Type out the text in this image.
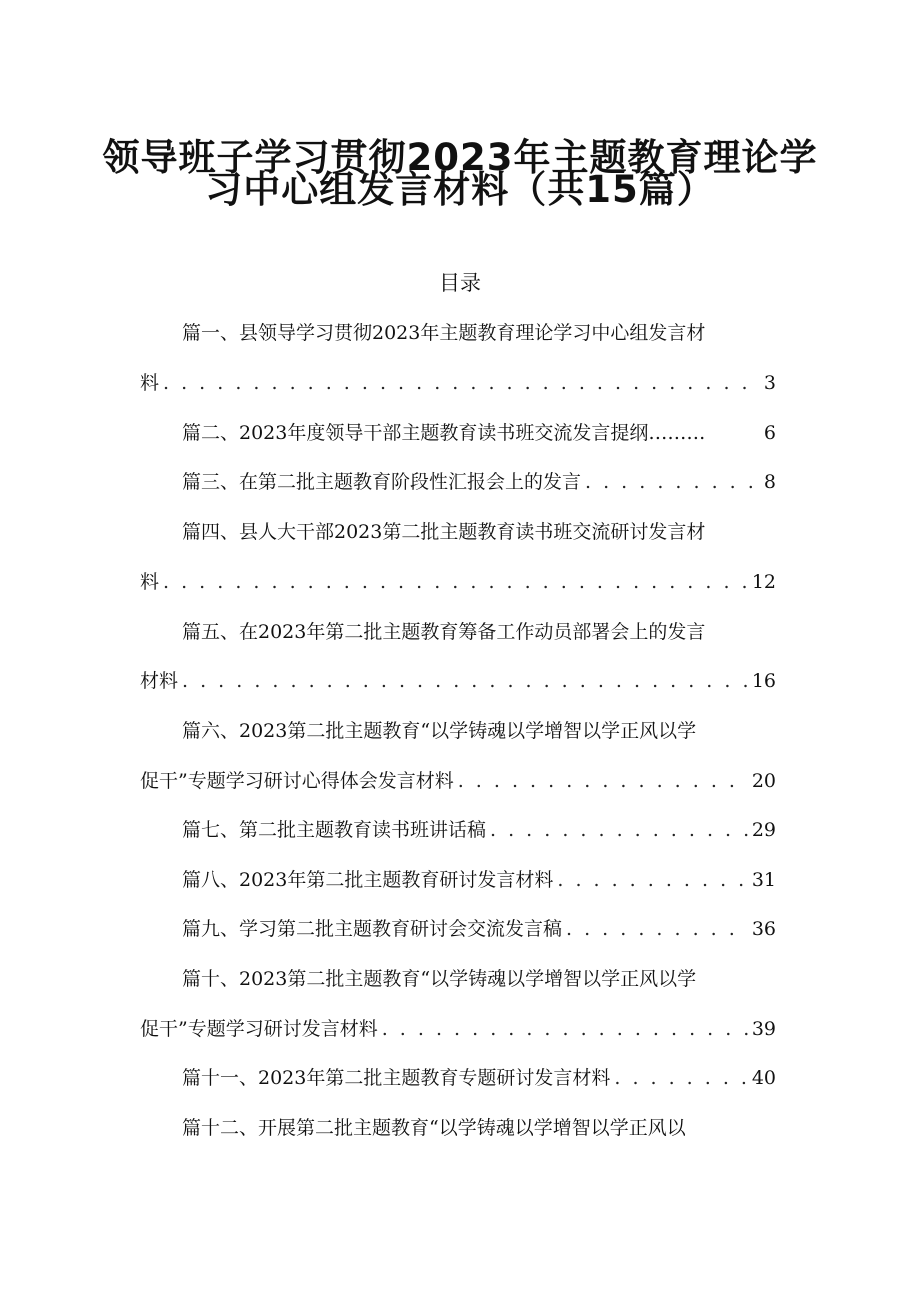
领导班子学习贯彻2023年主题教育理论学
习中心组发言材料（共15篇）
目录
篇一、县领导学习贯彻2023年主题教育理论学习中心组发言材
料 . . .	3
篇二、2023年度领导干部主题教育读书班交流发言提纲………	6
篇三、在第二批主题教育阶段性汇报会上的发言 . . .	8
篇四、县人大干部2023第二批主题教育读书班交流研讨发言材
料 . . .	12
篇五、在2023年第二批主题教育筹备工作动员部署会上的发言
材料 . . .	16
篇六、2023第二批主题教育“以学铸魂以学增智以学正风以学
促干”专题学习研讨心得体会发言材料 . . .	20
篇七、第二批主题教育读书班讲话稿 . . .	29
篇八、2023年第二批主题教育研讨发言材料 . . .	31
篇九、学习第二批主题教育研讨会交流发言稿 . . .	36
篇十、2023第二批主题教育“以学铸魂以学增智以学正风以学
促干”专题学习研讨发言材料 . . .	39
篇十一、2023年第二批主题教育专题研讨发言材料 . . .	40
篇十二、开展第二批主题教育“以学铸魂以学增智以学正风以
